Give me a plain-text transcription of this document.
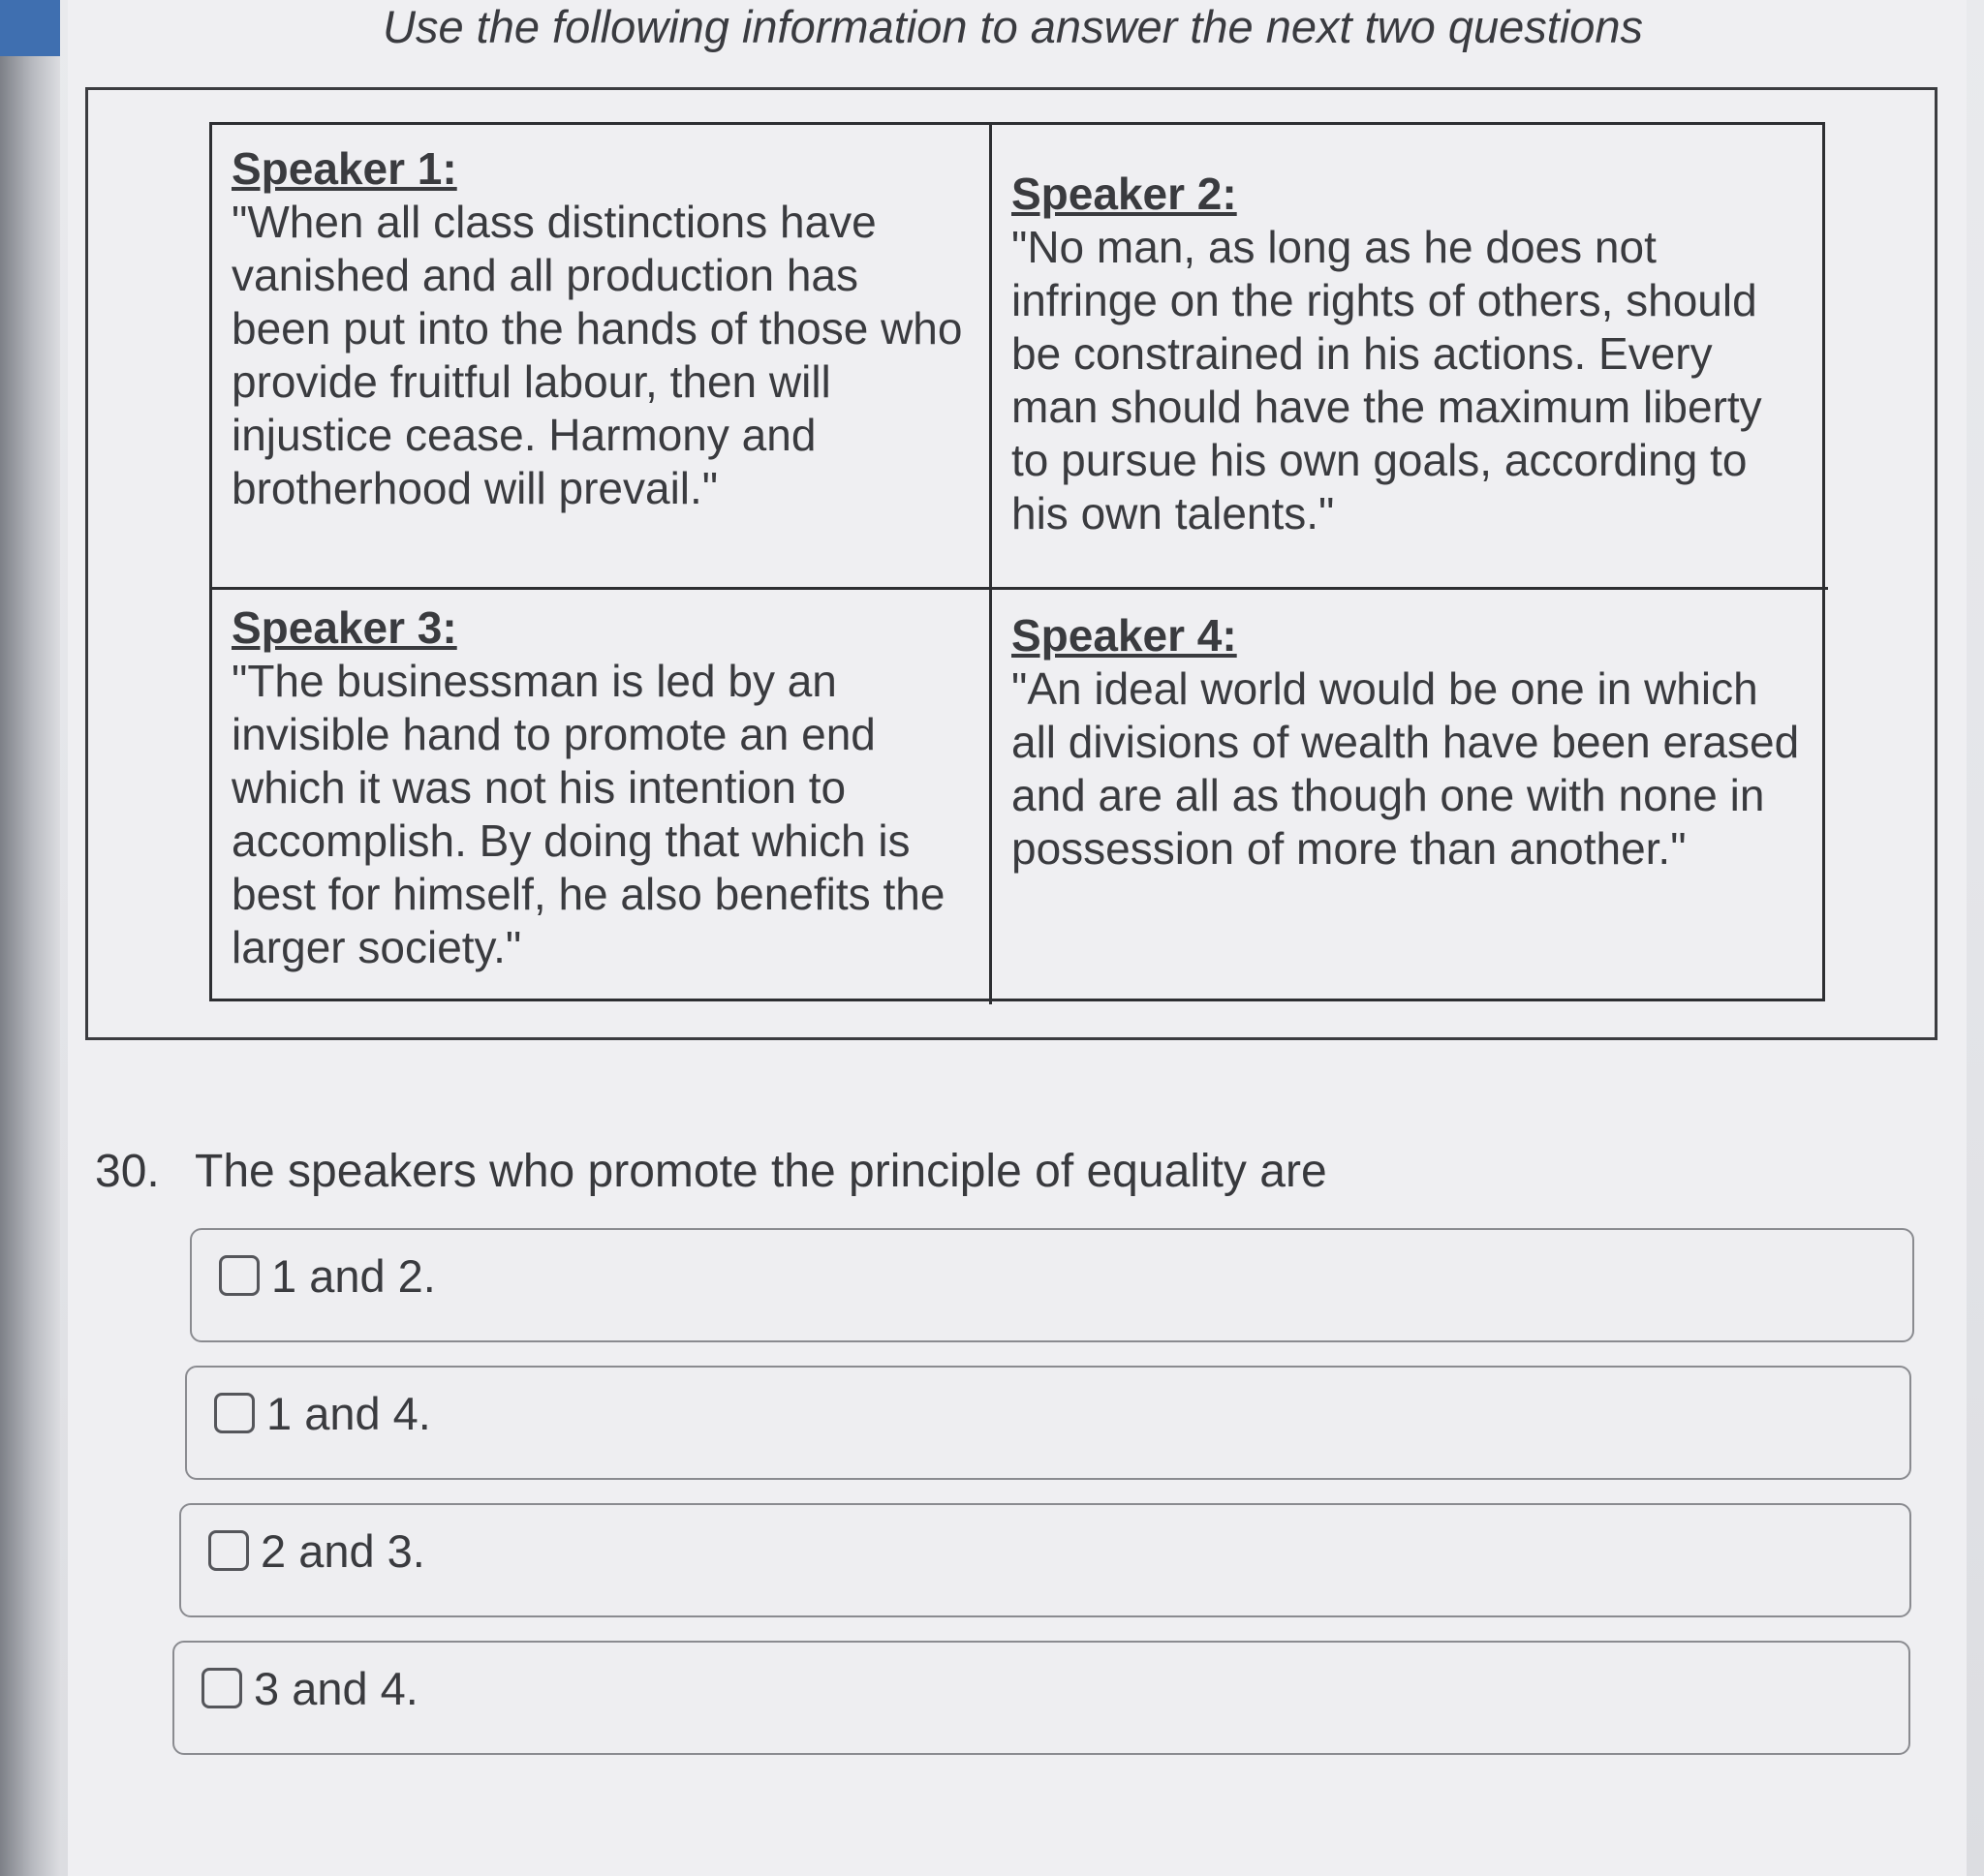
Use the following information to answer the next two questions
Speaker 1:
"When all class distinctions have vanished and all production has been put into the hands of those who provide fruitful labour, then will injustice cease. Harmony and brotherhood will prevail."
Speaker 2:
"No man, as long as he does not infringe on the rights of others, should be constrained in his actions. Every man should have the maximum liberty to pursue his own goals, according to his own talents."
Speaker 3:
"The businessman is led by an invisible hand to promote an end which it was not his intention to accomplish. By doing that which is best for himself, he also benefits the larger society."
Speaker 4:
"An ideal world would be one in which all divisions of wealth have been erased and are all as though one with none in possession of more than another."
30. The speakers who promote the principle of equality are
1 and 2.
1 and 4.
2 and 3.
3 and 4.
